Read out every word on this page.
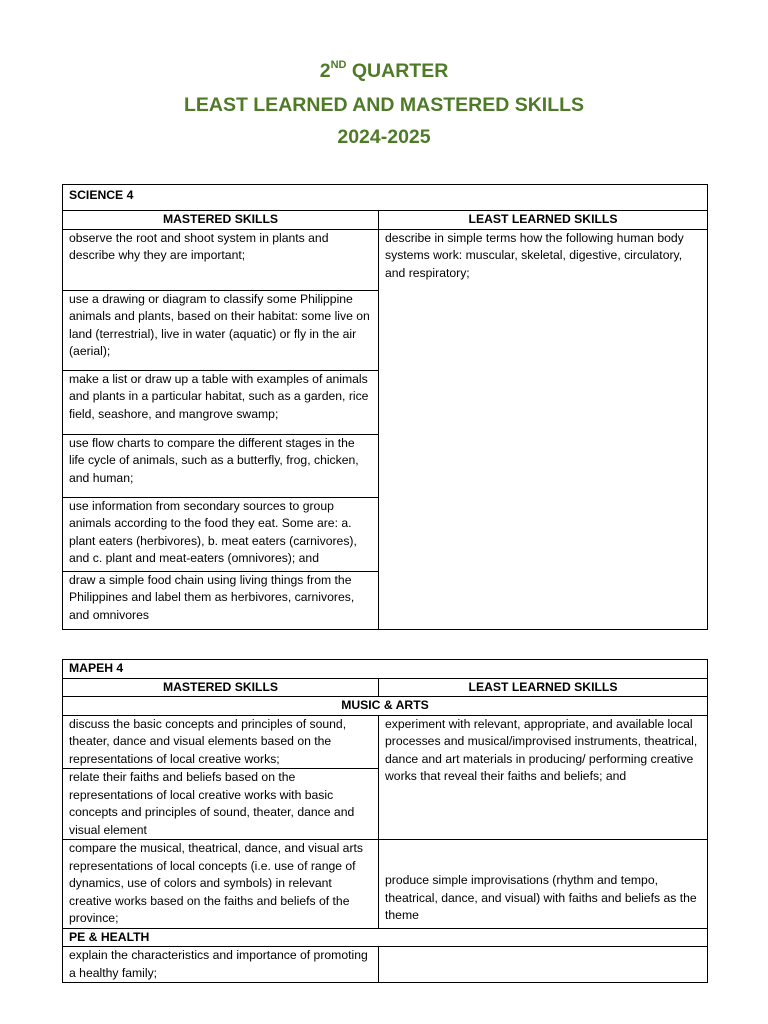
2ND QUARTER
LEAST LEARNED AND MASTERED SKILLS
2024-2025
SCIENCE 4	
MASTERED SKILLS	LEAST LEARNED SKILLS
observe the root and shoot system in plants and describe why they are important;	describe in simple terms how the following human body systems work: muscular, skeletal, digestive, circulatory, and respiratory;
use a drawing or diagram to classify some Philippine animals and plants, based on their habitat: some live on land (terrestrial), live in water (aquatic) or fly in the air (aerial);	
make a list or draw up a table with examples of animals and plants in a particular habitat, such as a garden, rice field, seashore, and mangrove swamp;	
use flow charts to compare the different stages in the life cycle of animals, such as a butterfly, frog, chicken, and human;	
use information from secondary sources to group animals according to the food they eat. Some are: a. plant eaters (herbivores), b. meat eaters (carnivores), and c. plant and meat-eaters (omnivores); and	
draw a simple food chain using living things from the Philippines and label them as herbivores, carnivores, and omnivores	
MAPEH 4	
MASTERED SKILLS	LEAST LEARNED SKILLS
MUSIC & ARTS	
discuss the basic concepts and principles of sound, theater, dance and visual elements based on the representations of local creative works;	experiment with relevant, appropriate, and available local processes and musical/improvised instruments, theatrical, dance and art materials in producing/ performing creative works that reveal their faiths and beliefs; and
relate their faiths and beliefs based on the representations of local creative works with basic concepts and principles of sound, theater, dance and visual element	
compare the musical, theatrical, dance, and visual arts representations of local concepts (i.e. use of range of dynamics, use of colors and symbols) in relevant creative works based on the faiths and beliefs of the province;	produce simple improvisations (rhythm and tempo, theatrical, dance, and visual) with faiths and beliefs as the theme
PE & HEALTH	
explain the characteristics and importance of promoting a healthy family;	
